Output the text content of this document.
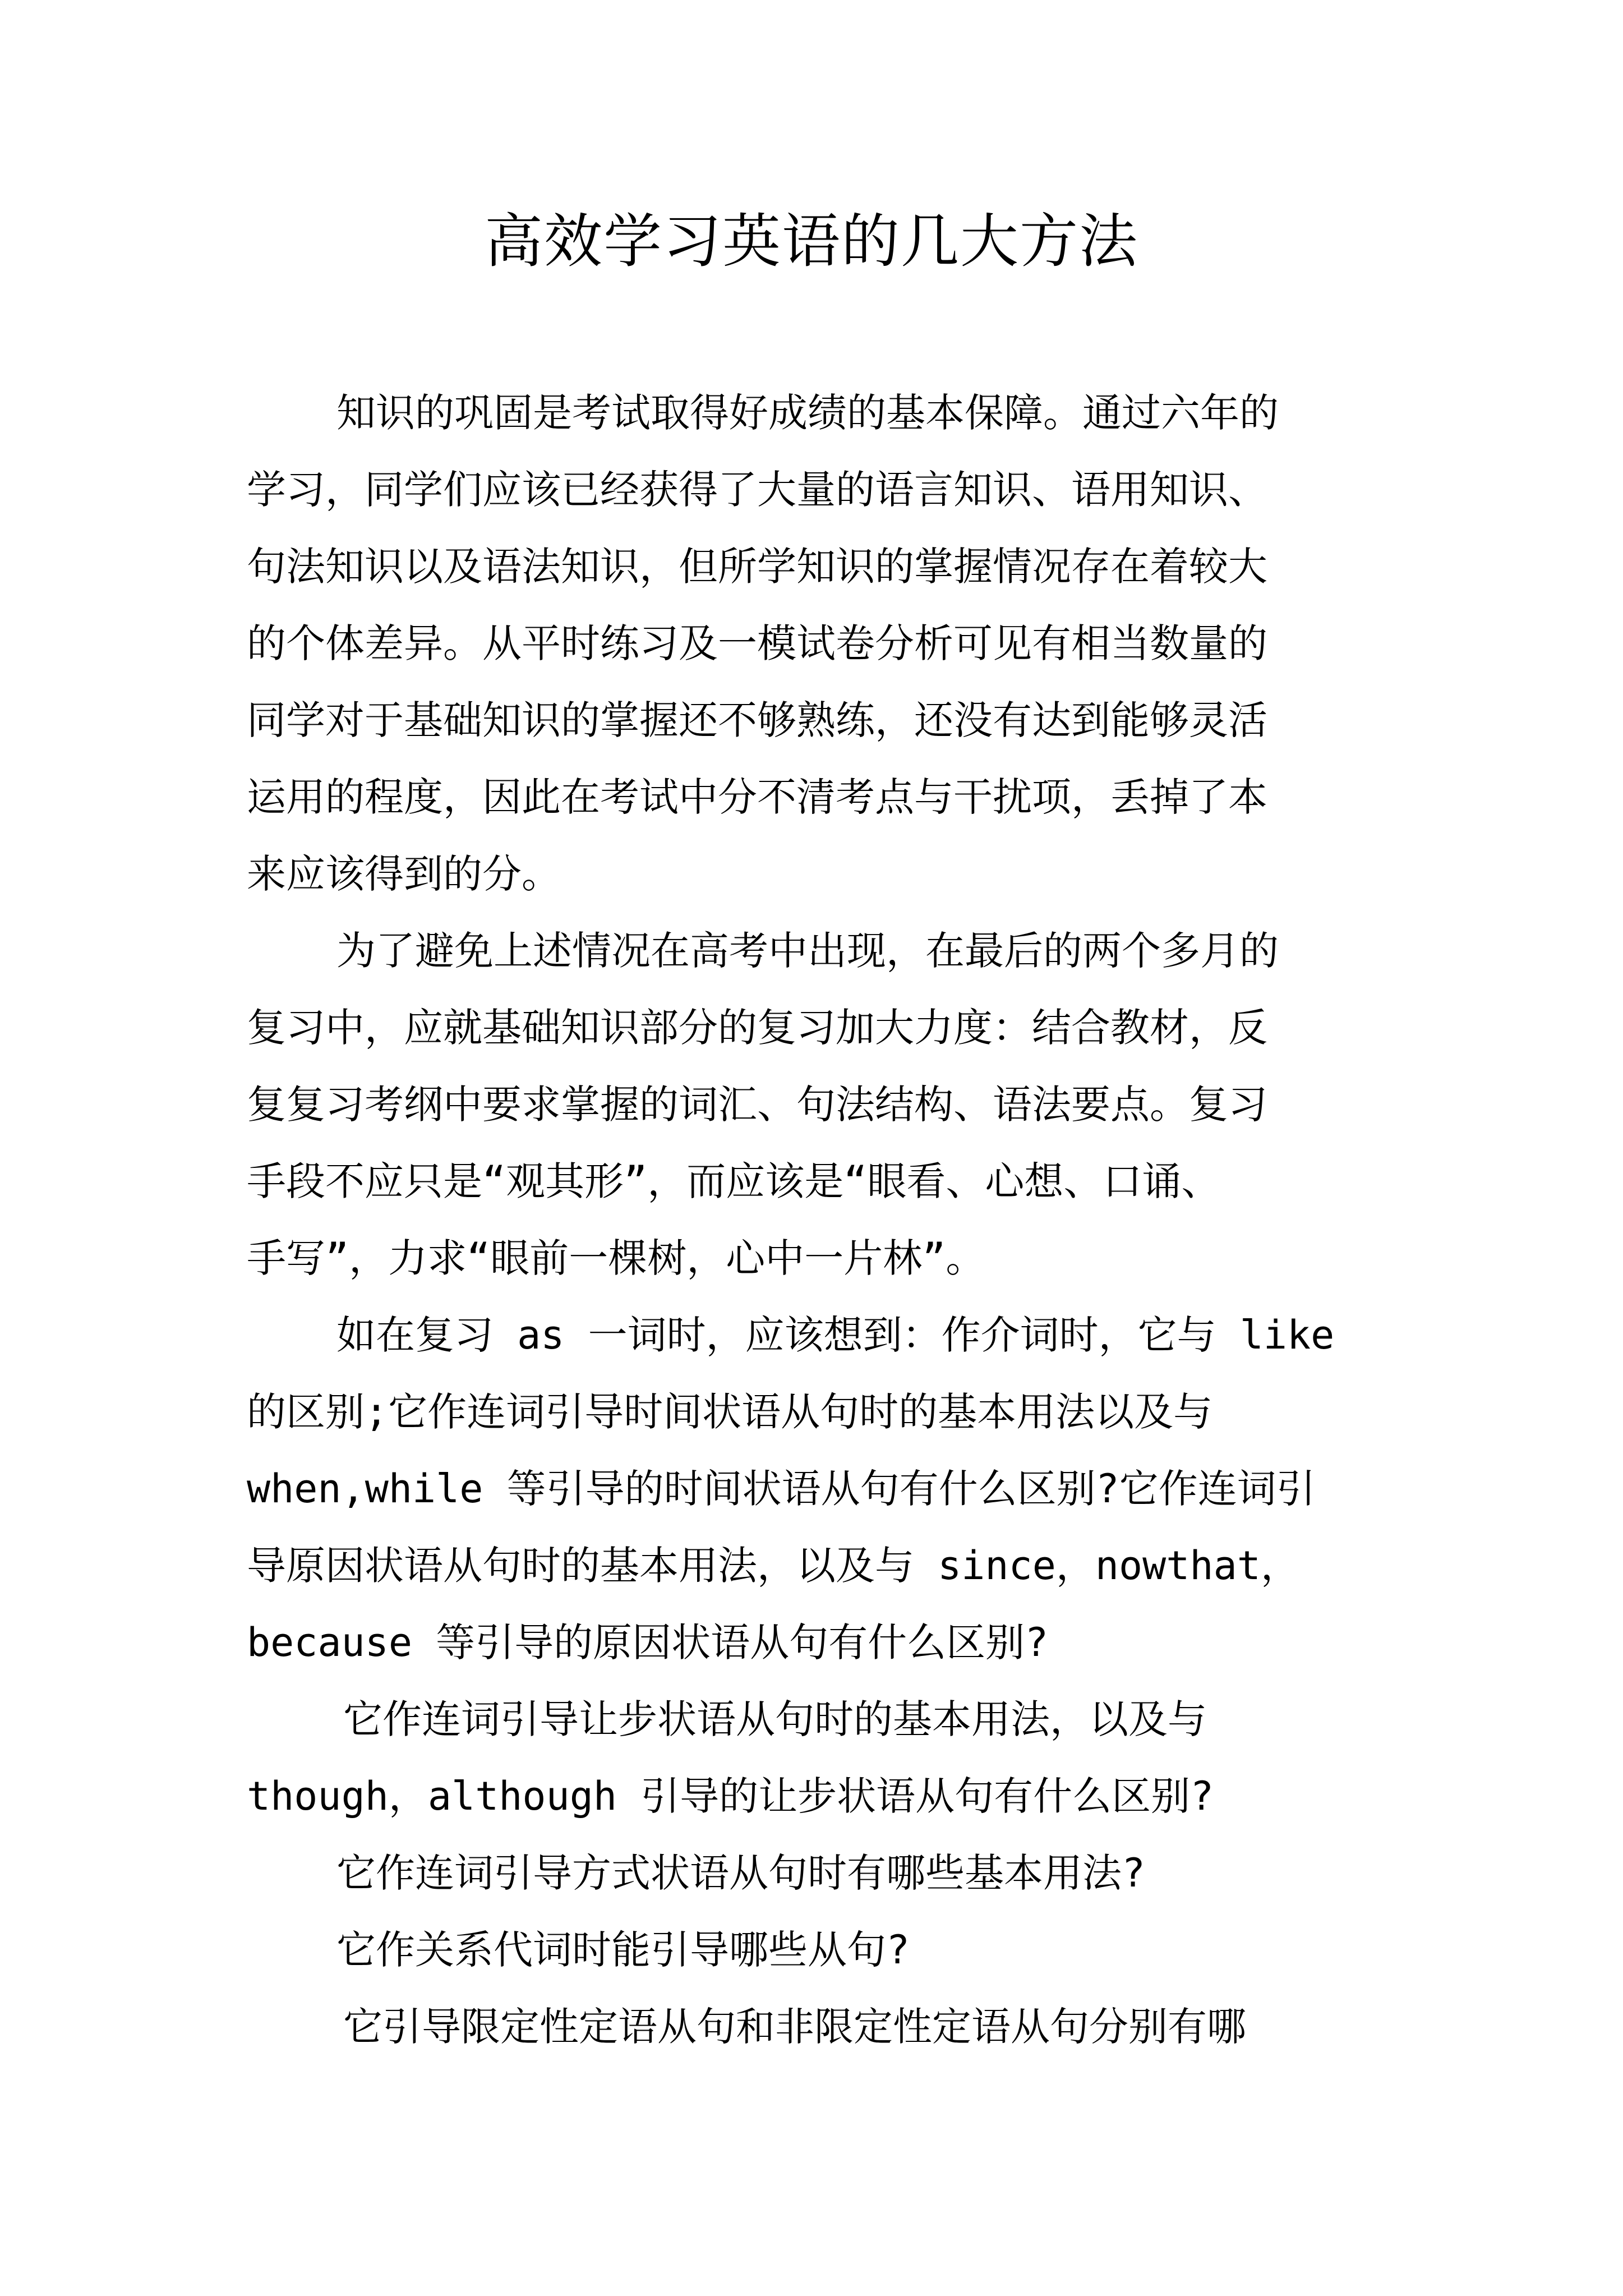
高效学习英语的几大方法

知识的巩固是考试取得好成绩的基本保障。通过六年的
学习，同学们应该已经获得了大量的语言知识、语用知识、
句法知识以及语法知识，但所学知识的掌握情况存在着较大
的个体差异。从平时练习及一模试卷分析可见有相当数量的
同学对于基础知识的掌握还不够熟练，还没有达到能够灵活
运用的程度，因此在考试中分不清考点与干扰项，丢掉了本
来应该得到的分。

为了避免上述情况在高考中出现，在最后的两个多月的
复习中，应就基础知识部分的复习加大力度：结合教材，反
复复习考纲中要求掌握的词汇、句法结构、语法要点。复习
手段不应只是“观其形”，而应该是“眼看、心想、口诵、
手写”，力求“眼前一棵树，心中一片林”。

如在复习 as 一词时，应该想到：作介词时，它与 like
的区别;它作连词引导时间状语从句时的基本用法以及与
when,while 等引导的时间状语从句有什么区别?它作连词引
导原因状语从句时的基本用法，以及与 since，nowthat，
because 等引导的原因状语从句有什么区别?

它作连词引导让步状语从句时的基本用法，以及与
though，although 引导的让步状语从句有什么区别?

它作连词引导方式状语从句时有哪些基本用法?

它作关系代词时能引导哪些从句?

它引导限定性定语从句和非限定性定语从句分别有哪
